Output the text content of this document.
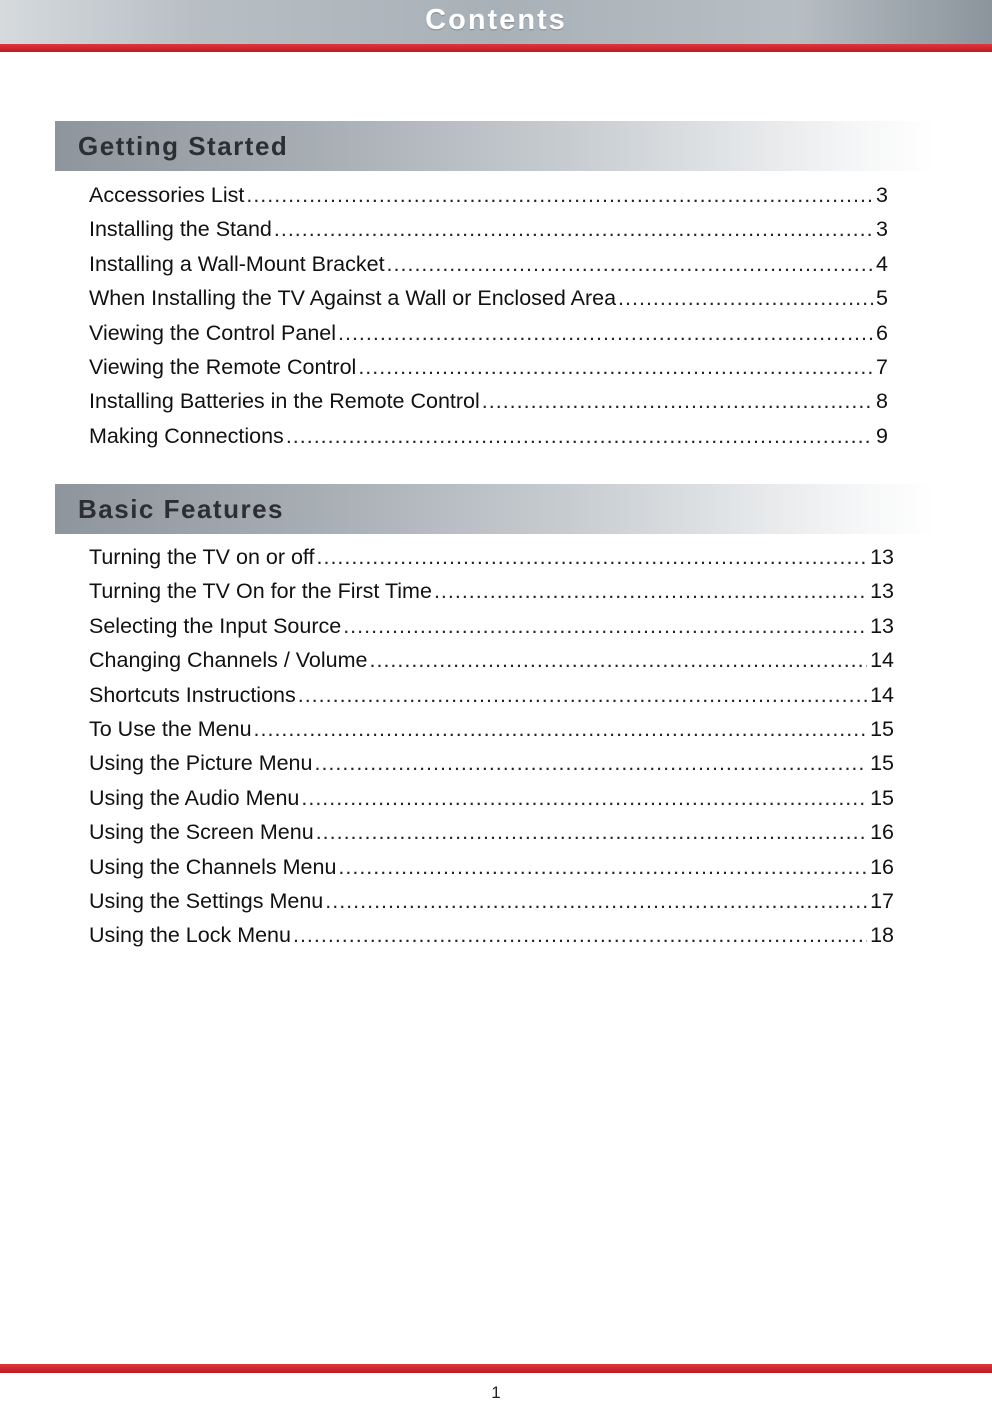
Contents
Getting Started
Accessories List .....	3
Installing the Stand .....	3
Installing a Wall-Mount Bracket .....	4
When Installing the TV Against a Wall or Enclosed Area .....	5
Viewing the Control Panel .....	6
Viewing the Remote Control .....	7
Installing Batteries in the Remote Control .....	8
Making Connections .....	9
Basic Features
Turning the TV on or off .....	13
Turning the TV On for the First Time .....	13
Selecting the Input Source .....	13
Changing Channels / Volume .....	14
Shortcuts Instructions .....	14
To Use the Menu .....	15
Using the Picture Menu .....	15
Using the Audio Menu .....	15
Using the Screen Menu .....	16
Using the Channels Menu .....	16
Using the Settings Menu .....	17
Using the Lock Menu .....	18
1
